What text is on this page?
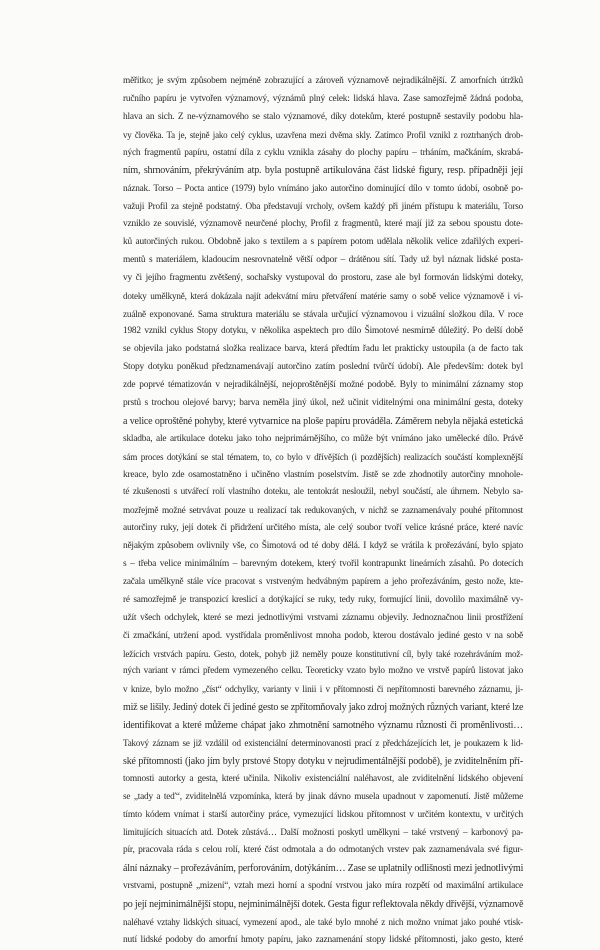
měřítko; je svým způsobem nejméně zobrazující a zároveň významově nejradikálnější. Z amorfních útržků
ručního papíru je vytvořen významový, význámů plný celek: lidská hlava. Zase samozřejmě žádná podoba,
hlava an sich. Z ne-významového se stalo významové, díky dotekům, které postupně sestavily podobu hla-
vy člověka. Ta je, stejně jako celý cyklus, uzavřena mezi dvěma skly. Zatímco Profil vznikl z roztrhaných drob-
ných fragmentů papíru, ostatní díla z cyklu vznikla zásahy do plochy papíru – trháním, mačkáním, skrabá-
ním, shrnováním, překrýváním atp. byla postupně artikulována část lidské figury, resp. případněji její
náznak. Torso – Pocta antice (1979) bylo vnímáno jako autorčino dominující dílo v tomto údobí, osobně po-
važuji Profil za stejně podstatný. Oba představují vrcholy, ovšem každý při jiném přístupu k materiálu, Torso
vzniklo ze souvislé, významově neurčené plochy, Profil z fragmentů, které mají již za sebou spoustu dote-
ků autorčiných rukou. Obdobně jako s textilem a s papírem potom udělala několik velice zdařilých experi-
mentů s materiálem, kladoucím nesrovnatelně větší odpor – drátěnou sítí. Tady už byl náznak lidské posta-
vy či jejího fragmentu zvětšený, sochařsky vystupoval do prostoru, zase ale byl formován lidskými doteky,
doteky umělkyně, která dokázala najít adekvátní míru přetváření matérie samy o sobě velice významově i vi-
zuálně exponované. Sama struktura materiálu se stávala určující významovou i vizuální složkou díla. V roce
1982 vznikl cyklus Stopy dotyku, v několika aspektech pro dílo Šimotové nesmírně důležitý. Po delší době
se objevila jako podstatná složka realizace barva, která předtím řadu let prakticky ustoupila (a de facto tak
Stopy dotyku poněkud předznamenávají autorčino zatím poslední tvůrčí údobí). Ale především: dotek byl
zde poprvé tématizován v nejradikálnější, nejoproštěnější možné podobě. Byly to minimální záznamy stop
prstů s trochou olejové barvy; barva neměla jiný úkol, než učinit viditelnými ona minimální gesta, doteky
a velice oproštěné pohyby, které vytvarnice na ploše papíru prováděla. Záměrem nebyla nějaká estetická
skladba, ale artikulace doteku jako toho nejprimárnějšího, co může být vnímáno jako umělecké dílo. Právě
sám proces dotýkání se stal tématem, to, co bylo v dřívějších (i pozdějších) realizacích součástí komplexnější
kreace, bylo zde osamostatněno i učiněno vlastním poselstvím. Jistě se zde zhodnotily autorčiny mnohole-
té zkušenosti s utvářecí rolí vlastního doteku, ale tentokrát nesloužil, nebyl součástí, ale úhrnem. Nebylo sa-
mozřejmě možné setrvávat pouze u realizací tak redukovaných, v nichž se zaznamenávaly pouhé přítomnost
autorčiny ruky, její dotek či přidržení určitého místa, ale celý soubor tvoří velice krásné práce, které navíc
nějakým způsobem ovlivnily vše, co Šimotová od té doby dělá. I když se vrátila k prořezávání, bylo spjato
s – třeba velice minimálním – barevným dotekem, který tvořil kontrapunkt lineárních zásahů. Po dotecích
začala umělkyně stále více pracovat s vrstveným hedvábným papírem a jeho prořezáváním, gesto nože, kte-
ré samozřejmě je transpozicí kreslicí a dotýkající se ruky, tedy ruky, formující linii, dovolilo maximálně vy-
užít všech odchylek, které se mezi jednotlivými vrstvami záznamu objevily. Jednoznačnou linii prostřížení
či zmačkání, utržení apod. vystřídala proměnlivost mnoha podob, kterou dostávalo jediné gesto v na sobě
ležících vrstvách papíru. Gesto, dotek, pohyb již neměly pouze konstitutivní cíl, byly také rozehráváním mož-
ných variant v rámci předem vymezeného celku. Teoreticky vzato bylo možno ve vrstvě papírů listovat jako
v knize, bylo možno „číst“ odchylky, varianty v linii i v přítomnosti či nepřítomnosti barevného záznamu, ji-
miž se lišily. Jediný dotek či jediné gesto se zpřítomňovaly jako zdroj možných různých variant, které lze
identifikovat a které můžeme chápat jako zhmotnění samotného významu různosti či proměnlivosti…
Takový záznam se již vzdálil od existenciální determinovanosti prací z předcházejících let, je poukazem k lid-
ské přítomnosti (jako jím byly prstové Stopy dotyku v nejrudimentálnější podobě), je zviditelněním pří-
tomnosti autorky a gesta, které učinila. Nikoliv existenciální naléhavost, ale zviditelnění lidského objevení
se „tady a teď“, zviditelnělá vzpomínka, která by jinak dávno musela upadnout v zapomenutí. Jistě můžeme
tímto kódem vnímat i starší autorčiny práce, vymezující lidskou přítomnost v určitém kontextu, v určitých
limitujících situacích atd. Dotek zůstává… Další možnosti poskytl umělkyni – také vrstvený – karbonový pa-
pír, pracovala ráda s celou rolí, které část odmotala a do odmotaných vrstev pak zaznamenávala své figur-
ální náznaky – prořezáváním, perforováním, dotýkáním… Zase se uplatnily odlišnosti mezi jednotlivými
vrstvami, postupně „mizení“, vztah mezi horní a spodní vrstvou jako míra rozpětí od maximální artikulace
po její nejminimálnější stopu, nejminimálnější dotek. Gesta figur reflektovala někdy dřívější, významově
naléhavé vztahy lidských situací, vymezení apod., ale také bylo mnohé z nich možno vnímat jako pouhé vtisk-
nutí lidské podoby do amorfní hmoty papíru, jako zaznamenání stopy lidské přítomnosti, jako gesto, které
